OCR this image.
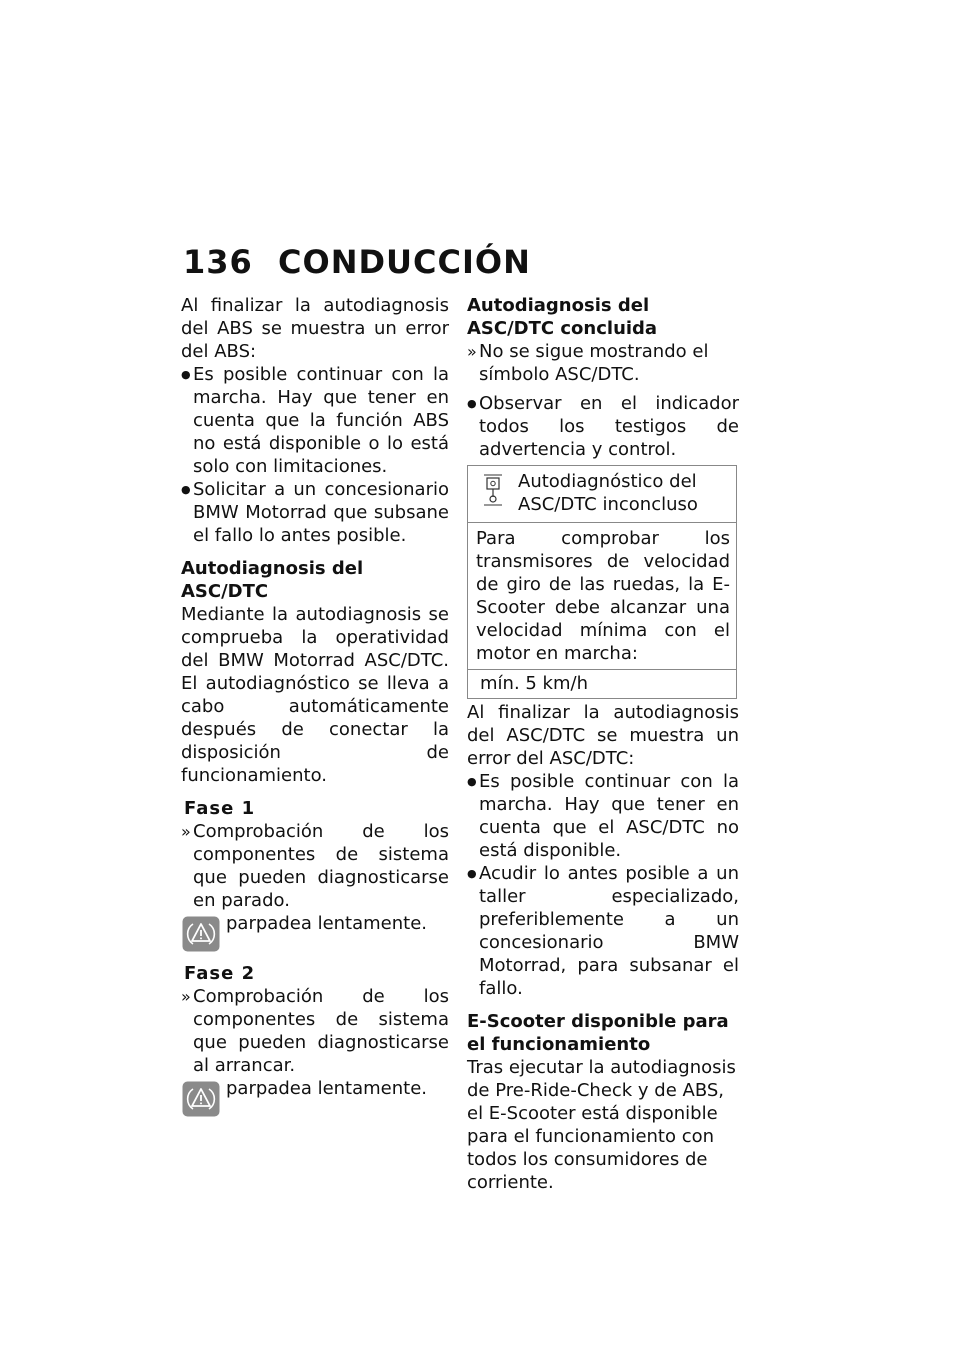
136 CONDUCCIÓN

Al finalizar la autodiagnosis del ABS se muestra un error del ABS:

● Es posible continuar con la marcha. Hay que tener en cuenta que la función ABS no está disponible o lo está solo con limitaciones.
● Solicitar a un concesionario BMW Motorrad que subsane el fallo lo antes posible.

Autodiagnosis del ASC/DTC

Mediante la autodiagnosis se comprueba la operatividad del BMW Motorrad ASC/DTC. El autodiagnóstico se lleva a cabo automáticamente después de conectar la disposición de funcionamiento.

Fase 1

» Comprobación de los componentes de sistema que pueden diagnosticarse en parado.
parpadea lentamente.

Fase 2

» Comprobación de los componentes de sistema que pueden diagnosticarse al arrancar.
parpadea lentamente.

Autodiagnosis del ASC/DTC concluida

» No se sigue mostrando el símbolo ASC/DTC.
● Observar en el indicador todos los testigos de advertencia y control.
Autodiagnóstico del ASC/DTC inconcluso
Para comprobar los transmisores de velocidad de giro de las ruedas, la E-Scooter debe alcanzar una velocidad mínima con el motor en marcha:
mín. 5 km/h

Al finalizar la autodiagnosis del ASC/DTC se muestra un error del ASC/DTC:

● Es posible continuar con la marcha. Hay que tener en cuenta que el ASC/DTC no está disponible.
● Acudir lo antes posible a un taller especializado, preferiblemente a un concesionario BMW Motorrad, para subsanar el fallo.

E-Scooter disponible para el funcionamiento

Tras ejecutar la autodiagnosis de Pre-Ride-Check y de ABS, el E-Scooter está disponible para el funcionamiento con todos los consumidores de corriente.
